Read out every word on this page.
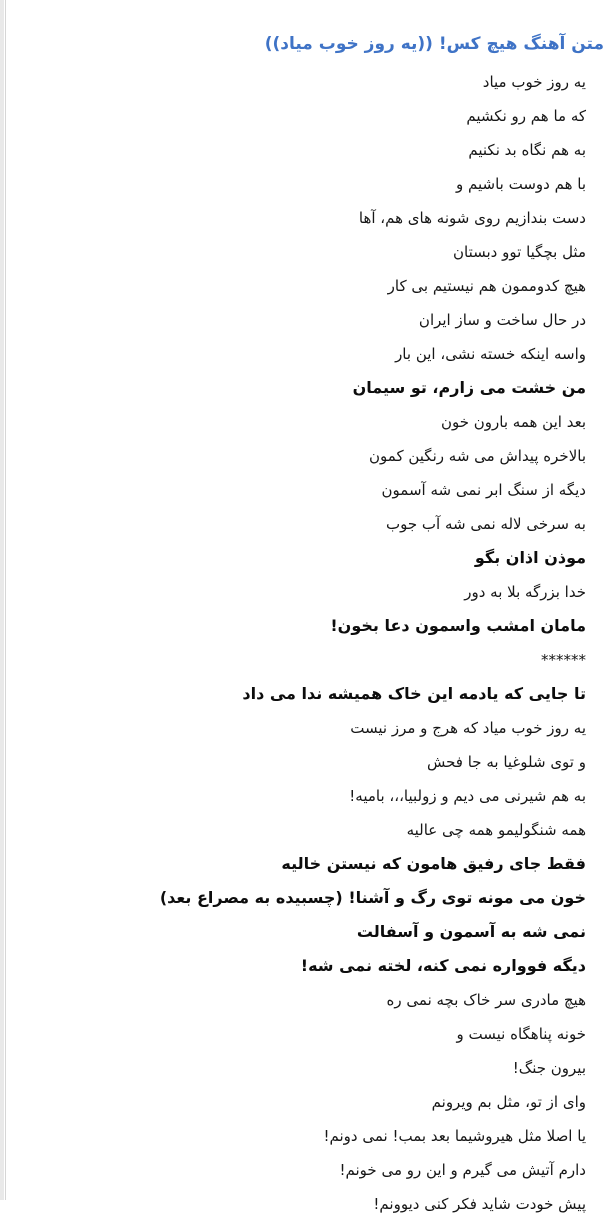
متن آهنگ هیچ کس! ((یه روز خوب میاد))
یه روز خوب میاد
که ما هم رو نکشیم
به هم نگاه بد نکنیم
با هم دوست باشیم و
دست بندازیم روی شونه های هم، آها
مثل بچگیا توو دبستان
هیچ کدوممون هم نیستیم بی کار
در حال ساخت و ساز ایران
واسه اینکه خسته نشی، این بار
من خشت می زارم، تو سیمان
بعد این همه بارون خون
بالاخره پیداش می شه رنگین کمون
دیگه از سنگ ابر نمی شه آسمون
به سرخی لاله نمی شه آب جوب
موذن اذان بگو
خدا بزرگه بلا به دور
مامان امشب واسمون دعا بخون!
******
تا جایی که یادمه این خاک همیشه ندا می داد
یه روز خوب میاد که هرج و مرز نیست
و توی شلوغیا به جا فحش
به هم شیرنی می دیم و زولبیا،،، بامیه!
همه شنگولیمو همه چی عالیه
فقط جای رفیق هامون که نیستن خالیه
خون می مونه توی رگ و آشنا! (چسبیده به مصراع بعد)
نمی شه به آسمون و آسفالت
دیگه فوواره نمی کنه، لخته نمی شه!
هیچ مادری سر خاک بچه نمی ره
خونه پناهگاه نیست و
بیرون جنگ!
وای از تو، مثل بم ویرونم
یا اصلا مثل هیروشیما بعد بمب! نمی دونم!
دارم آتیش می گیرم و این رو می خونم!
پیش خودت شاید فکر کنی دیوونم!
